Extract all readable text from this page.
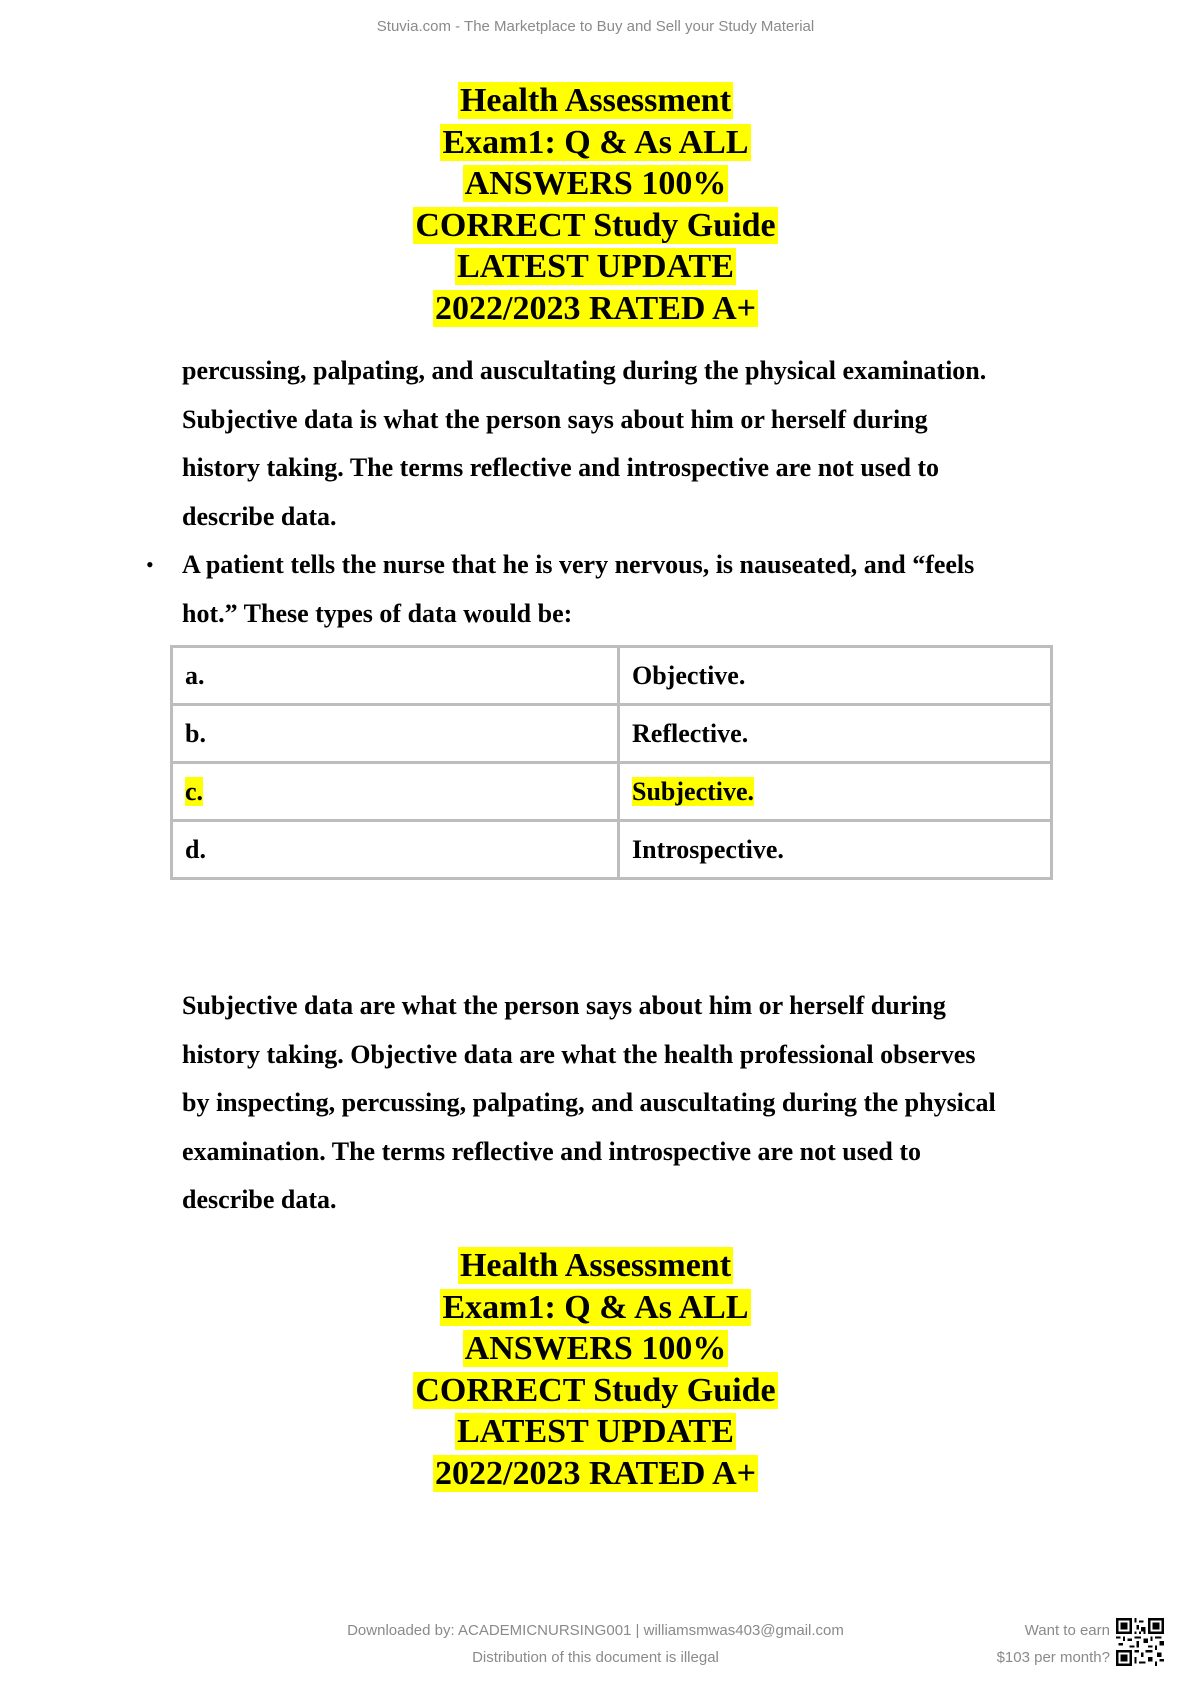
Stuvia.com - The Marketplace to Buy and Sell your Study Material
Health Assessment
Exam1: Q & As ALL
ANSWERS 100%
CORRECT Study Guide
LATEST UPDATE
2022/2023 RATED A+
percussing, palpating, and auscultating during the physical examination.
Subjective data is what the person says about him or herself during
history taking. The terms reflective and introspective are not used to
describe data.
• A patient tells the nurse that he is very nervous, is nauseated, and “feels
hot.” These types of data would be:
a.	Objective.
b.	Reflective.
c.	Subjective.
d.	Introspective.
Subjective data are what the person says about him or herself during
history taking. Objective data are what the health professional observes
by inspecting, percussing, palpating, and auscultating during the physical
examination. The terms reflective and introspective are not used to
describe data.
Health Assessment
Exam1: Q & As ALL
ANSWERS 100%
CORRECT Study Guide
LATEST UPDATE
2022/2023 RATED A+
Downloaded by: ACADEMICNURSING001 | williamsmwas403@gmail.com
Distribution of this document is illegal
Want to earn
$103 per month?
